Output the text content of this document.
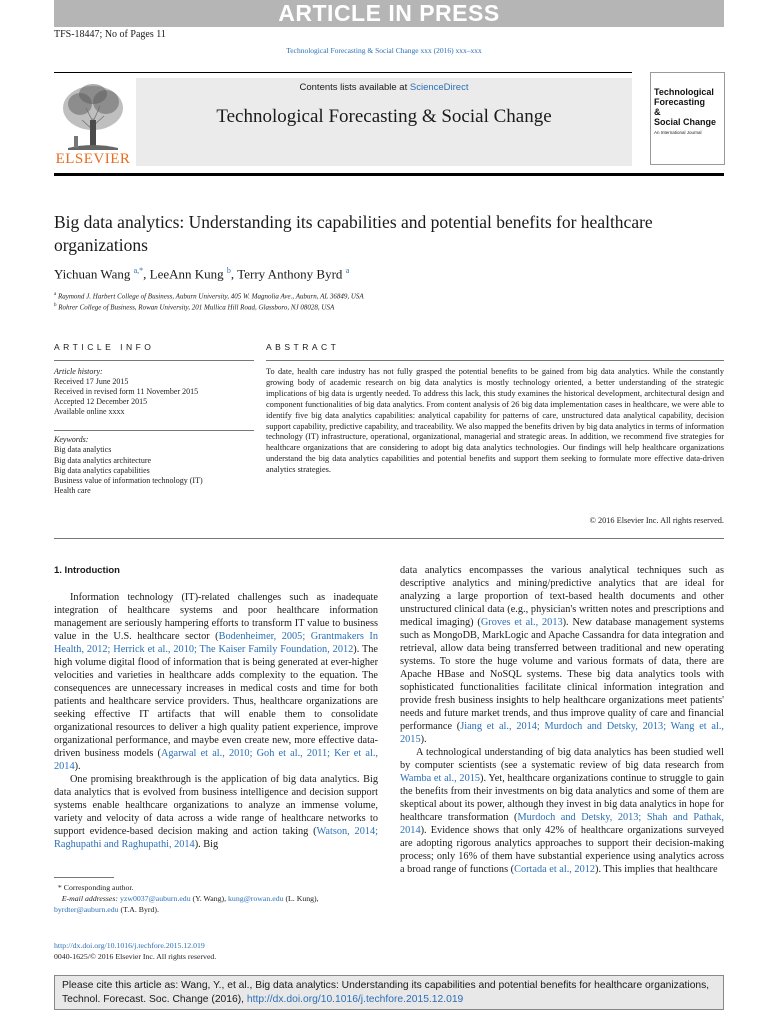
ARTICLE IN PRESS
TFS-18447; No of Pages 11
Technological Forecasting & Social Change xxx (2016) xxx–xxx
ELSEVIER
Contents lists available at ScienceDirect
Technological Forecasting & Social Change
Technological
Forecasting
&
Social Change
An International Journal
Big data analytics: Understanding its capabilities and potential benefits for healthcare organizations
Yichuan Wang $^{a,*}$, LeeAnn Kung $^b$, Terry Anthony Byrd $^a$
$^a$ Raymond J. Harbert College of Business, Auburn University, 405 W. Magnolia Ave., Auburn, AL 36849, USA
$^b$ Rohrer College of Business, Rowan University, 201 Mullica Hill Road, Glassboro, NJ 08028, USA
ARTICLE INFO	ABSTRACT
Article history:
Received 17 June 2015
Received in revised form 11 November 2015
Accepted 12 December 2015
Available online xxxx
Keywords:
Big data analytics
Big data analytics architecture
Big data analytics capabilities
Business value of information technology (IT)
Health care
To date, health care industry has not fully grasped the potential benefits to be gained from big data analytics. While the constantly growing body of academic research on big data analytics is mostly technology oriented, a better understanding of the strategic implications of big data is urgently needed. To address this lack, this study examines the historical development, architectural design and component functionalities of big data analytics. From content analysis of 26 big data implementation cases in healthcare, we were able to identify five big data analytics capabilities: analytical capability for patterns of care, unstructured data analytical capability, decision support capability, predictive capability, and traceability. We also mapped the benefits driven by big data analytics in terms of information technology (IT) infrastructure, operational, organizational, managerial and strategic areas. In addition, we recommend five strategies for healthcare organizations that are considering to adopt big data analytics technologies. Our findings will help healthcare organizations understand the big data analytics capabilities and potential benefits and support them seeking to formulate more effective data-driven analytics strategies.
© 2016 Elsevier Inc. All rights reserved.
1. Introduction

Information technology (IT)-related challenges such as inadequate integration of healthcare systems and poor healthcare information management are seriously hampering efforts to transform IT value to business value in the U.S. healthcare sector (Bodenheimer, 2005; Grantmakers In Health, 2012; Herrick et al., 2010; The Kaiser Family Foundation, 2012). The high volume digital flood of information that is being generated at ever-higher velocities and varieties in healthcare adds complexity to the equation. The consequences are unnecessary increases in medical costs and time for both patients and healthcare service providers. Thus, healthcare organizations are seeking effective IT artifacts that will enable them to consolidate organizational resources to deliver a high quality patient experience, improve organizational performance, and maybe even create new, more effective data-driven business models (Agarwal et al., 2010; Goh et al., 2011; Ker et al., 2014).

One promising breakthrough is the application of big data analytics. Big data analytics that is evolved from business intelligence and decision support systems enable healthcare organizations to analyze an immense volume, variety and velocity of data across a wide range of healthcare networks to support evidence-based decision making and action taking (Watson, 2014; Raghupathi and Raghupathi, 2014). Big

data analytics encompasses the various analytical techniques such as descriptive analytics and mining/predictive analytics that are ideal for analyzing a large proportion of text-based health documents and other unstructured clinical data (e.g., physician's written notes and prescriptions and medical imaging) (Groves et al., 2013). New database management systems such as MongoDB, MarkLogic and Apache Cassandra for data integration and retrieval, allow data being transferred between traditional and new operating systems. To store the huge volume and various formats of data, there are Apache HBase and NoSQL systems. These big data analytics tools with sophisticated functionalities facilitate clinical information integration and provide fresh business insights to help healthcare organizations meet patients' needs and future market trends, and thus improve quality of care and financial performance (Jiang et al., 2014; Murdoch and Detsky, 2013; Wang et al., 2015).

A technological understanding of big data analytics has been studied well by computer scientists (see a systematic review of big data research from Wamba et al., 2015). Yet, healthcare organizations continue to struggle to gain the benefits from their investments on big data analytics and some of them are skeptical about its power, although they invest in big data analytics in hope for healthcare transformation (Murdoch and Detsky, 2013; Shah and Pathak, 2014). Evidence shows that only 42% of healthcare organizations surveyed are adopting rigorous analytics approaches to support their decision-making process; only 16% of them have substantial experience using analytics across a broad range of functions (Cortada et al., 2012). This implies that healthcare

* Corresponding author.
E-mail addresses: yzw0037@auburn.edu (Y. Wang), kung@rowan.edu (L. Kung),
byrdter@auburn.edu (T.A. Byrd).
http://dx.doi.org/10.1016/j.techfore.2015.12.019
0040-1625/© 2016 Elsevier Inc. All rights reserved.
Please cite this article as: Wang, Y., et al., Big data analytics: Understanding its capabilities and potential benefits for healthcare organizations, Technol. Forecast. Soc. Change (2016), http://dx.doi.org/10.1016/j.techfore.2015.12.019
